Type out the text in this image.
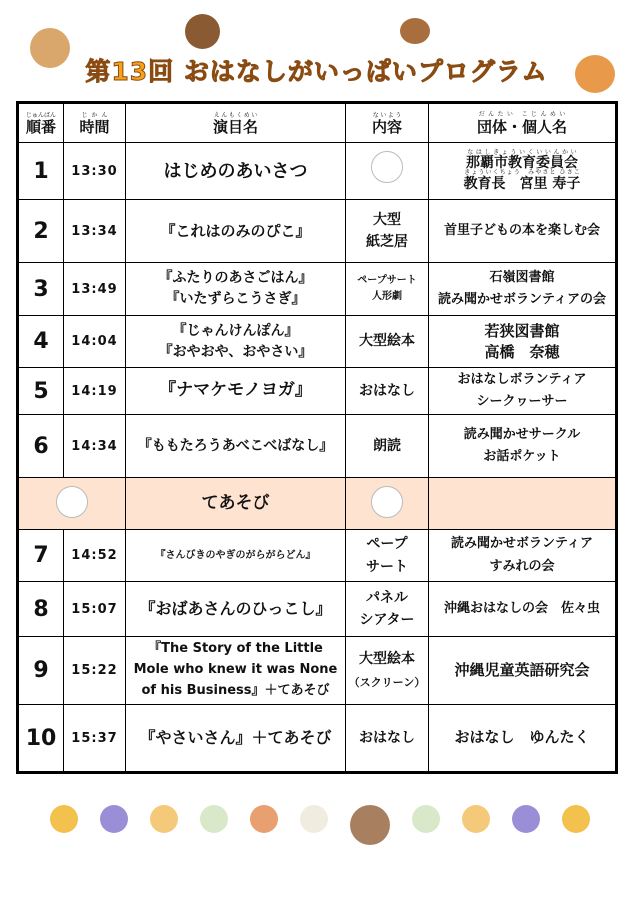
第13回 おはなしがいっぱいプログラム
順番じゅんばん	時間じかん	演目名えんもくめい	内容ないよう	団体・個人名だんたい こじんめい
1	13:30	はじめのあいさつ		那覇市教育委員会なはしきょういくいいんかい
教育長　宮里 寿子きょういくちょう　みやさと ひさこ
2	13:34	『これはのみのぴこ』	大型
紙芝居	首里子どもの本を楽しむ会
3	13:49	『ふたりのあさごはん』
『いたずらこうさぎ』	ペープサート
人形劇	石嶺図書館
読み聞かせボランティアの会
4	14:04	『じゃんけんぽん』
『おやおや、おやさい』	大型絵本	若狭図書館
高橋　奈穂
5	14:19	『ナマケモノヨガ』	おはなし	おはなしボランティア
シークヮーサー
6	14:34	『ももたろうあべこべばなし』	朗読	読み聞かせサークル
お話ポケット
		てあそび		
7	14:52	『さんびきのやぎのがらがらどん』	ペープ
サート	読み聞かせボランティア
すみれの会
8	15:07	『おばあさんのひっこし』	パネル
シアター	沖縄おはなしの会　佐々虫
9	15:22	『The Story of the Little
Mole who knew it was None
of his Business』＋てあそび	大型絵本
（スクリーン）	沖縄児童英語研究会
10	15:37	『やさいさん』＋てあそび	おはなし	おはなし　ゆんたく
